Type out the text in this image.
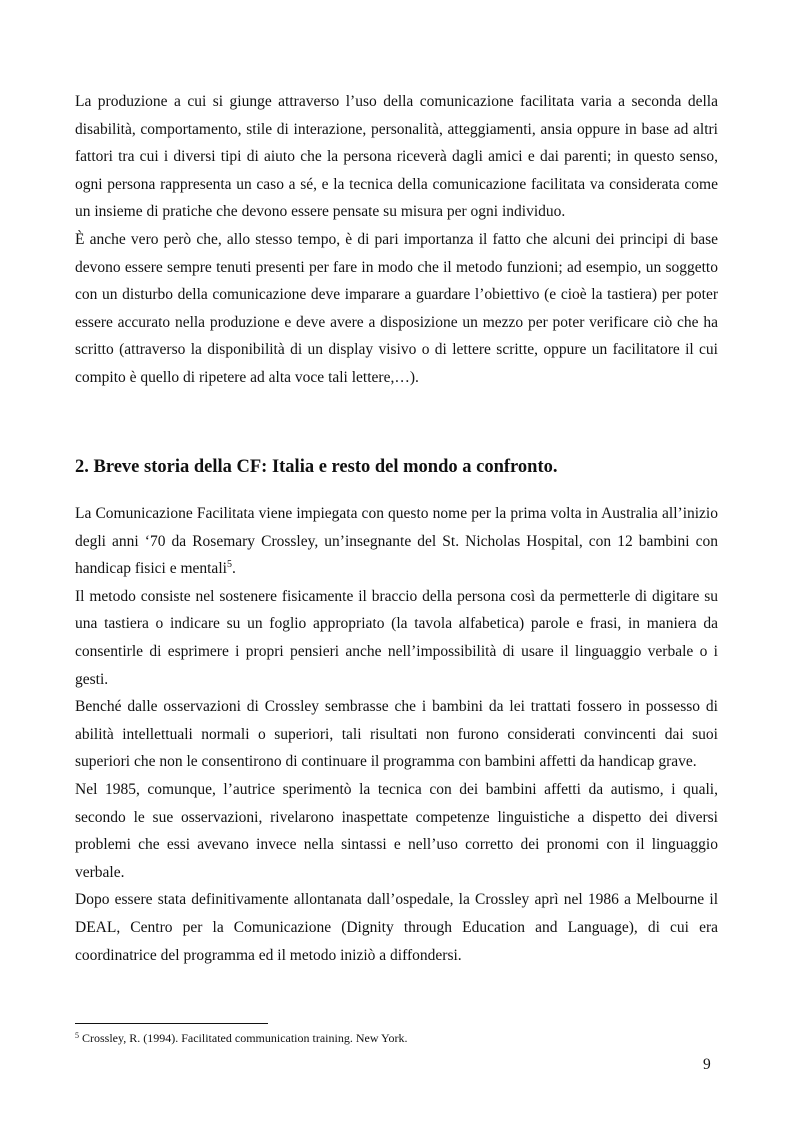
La produzione a cui si giunge attraverso l’uso della comunicazione facilitata varia a seconda della disabilità, comportamento, stile di interazione, personalità, atteggiamenti, ansia oppure in base ad altri fattori tra cui i diversi tipi di aiuto che la persona riceverà dagli amici e dai parenti; in questo senso, ogni persona rappresenta un caso a sé, e la tecnica della comunicazione facilitata va considerata come un insieme di pratiche che devono essere pensate su misura per ogni individuo.

È anche vero però che, allo stesso tempo, è di pari importanza il fatto che alcuni dei principi di base devono essere sempre tenuti presenti per fare in modo che il metodo funzioni; ad esempio, un soggetto con un disturbo della comunicazione deve imparare a guardare l’obiettivo (e cioè la tastiera) per poter essere accurato nella produzione e deve avere a disposizione un mezzo per poter verificare ciò che ha scritto (attraverso la disponibilità di un display visivo o di lettere scritte, oppure un facilitatore il cui compito è quello di ripetere ad alta voce tali lettere,…).

2. Breve storia della CF: Italia e resto del mondo a confronto.

La Comunicazione Facilitata viene impiegata con questo nome per la prima volta in Australia all’inizio degli anni ‘70 da Rosemary Crossley, un’insegnante del St. Nicholas Hospital, con 12 bambini con handicap fisici e mentali$^5$.

Il metodo consiste nel sostenere fisicamente il braccio della persona così da permetterle di digitare su una tastiera o indicare su un foglio appropriato (la tavola alfabetica) parole e frasi, in maniera da consentirle di esprimere i propri pensieri anche nell’impossibilità di usare il linguaggio verbale o i gesti.

Benché dalle osservazioni di Crossley sembrasse che i bambini da lei trattati fossero in possesso di abilità intellettuali normali o superiori, tali risultati non furono considerati convincenti dai suoi superiori che non le consentirono di continuare il programma con bambini affetti da handicap grave.

Nel 1985, comunque, l’autrice sperimentò la tecnica con dei bambini affetti da autismo, i quali, secondo le sue osservazioni, rivelarono inaspettate competenze linguistiche a dispetto dei diversi problemi che essi avevano invece nella sintassi e nell’uso corretto dei pronomi con il linguaggio verbale.

Dopo essere stata definitivamente allontanata dall’ospedale, la Crossley aprì nel 1986 a Melbourne il DEAL, Centro per la Comunicazione (Dignity through Education and Language), di cui era coordinatrice del programma ed il metodo iniziò a diffondersi.

$^5$ Crossley, R. (1994). Facilitated communication training. New York.

9
